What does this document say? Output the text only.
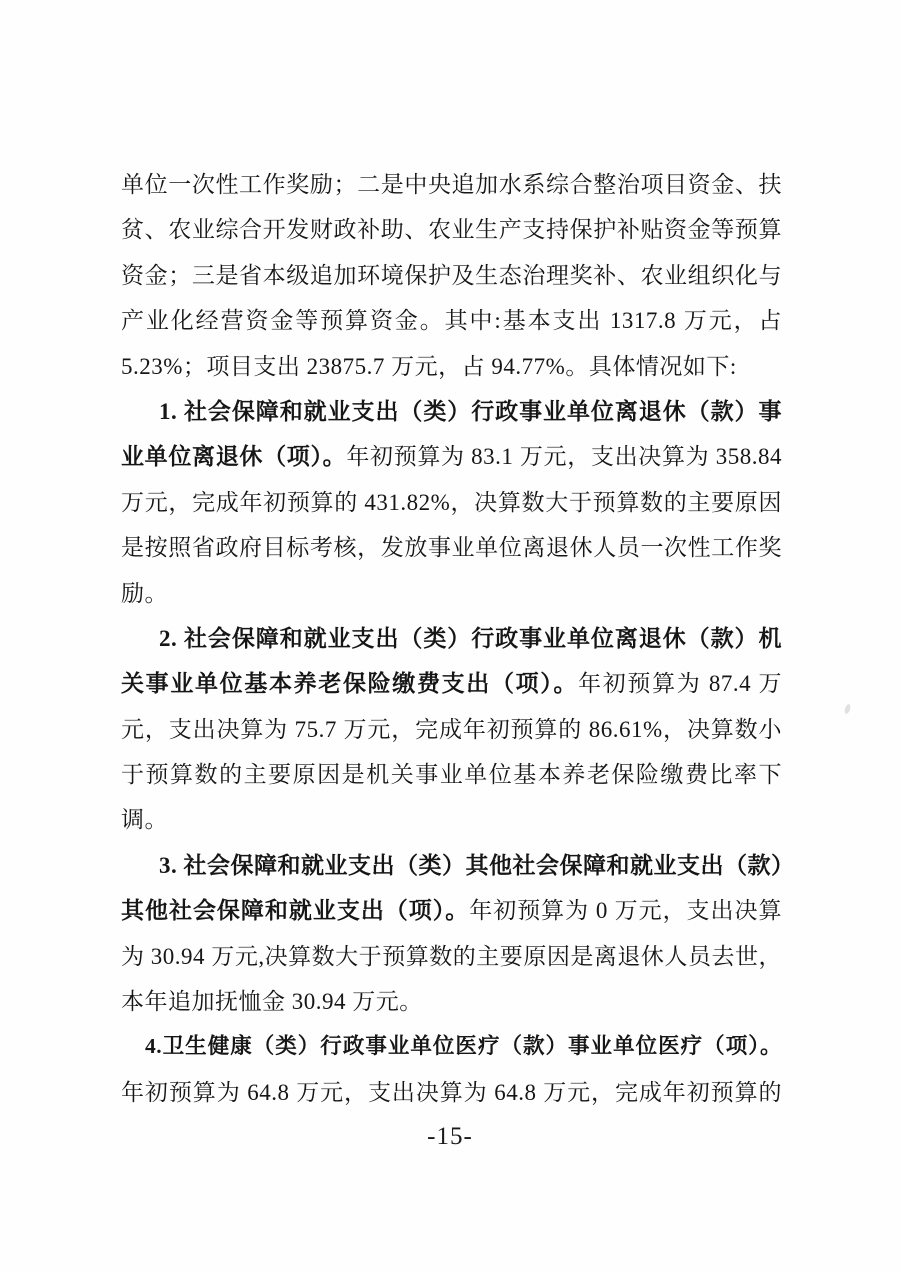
单位一次性工作奖励；二是中央追加水系综合整治项目资金、扶
贫、农业综合开发财政补助、农业生产支持保护补贴资金等预算
资金；三是省本级追加环境保护及生态治理奖补、农业组织化与
产业化经营资金等预算资金。其中:基本支出 1317.8 万元，占
5.23%；项目支出 23875.7 万元，占 94.77%。具体情况如下:
1. 社会保障和就业支出（类）行政事业单位离退休（款）事
业单位离退休（项）。年初预算为 83.1 万元，支出决算为 358.84
万元，完成年初预算的 431.82%，决算数大于预算数的主要原因
是按照省政府目标考核，发放事业单位离退休人员一次性工作奖
励。
2. 社会保障和就业支出（类）行政事业单位离退休（款）机
关事业单位基本养老保险缴费支出（项）。年初预算为 87.4 万
元，支出决算为 75.7 万元，完成年初预算的 86.61%，决算数小
于预算数的主要原因是机关事业单位基本养老保险缴费比率下
调。
3. 社会保障和就业支出（类）其他社会保障和就业支出（款）
其他社会保障和就业支出（项）。年初预算为 0 万元，支出决算
为 30.94 万元,决算数大于预算数的主要原因是离退休人员去世，
本年追加抚恤金 30.94 万元。
4.卫生健康（类）行政事业单位医疗（款）事业单位医疗（项）。
年初预算为 64.8 万元，支出决算为 64.8 万元，完成年初预算的
-15-
